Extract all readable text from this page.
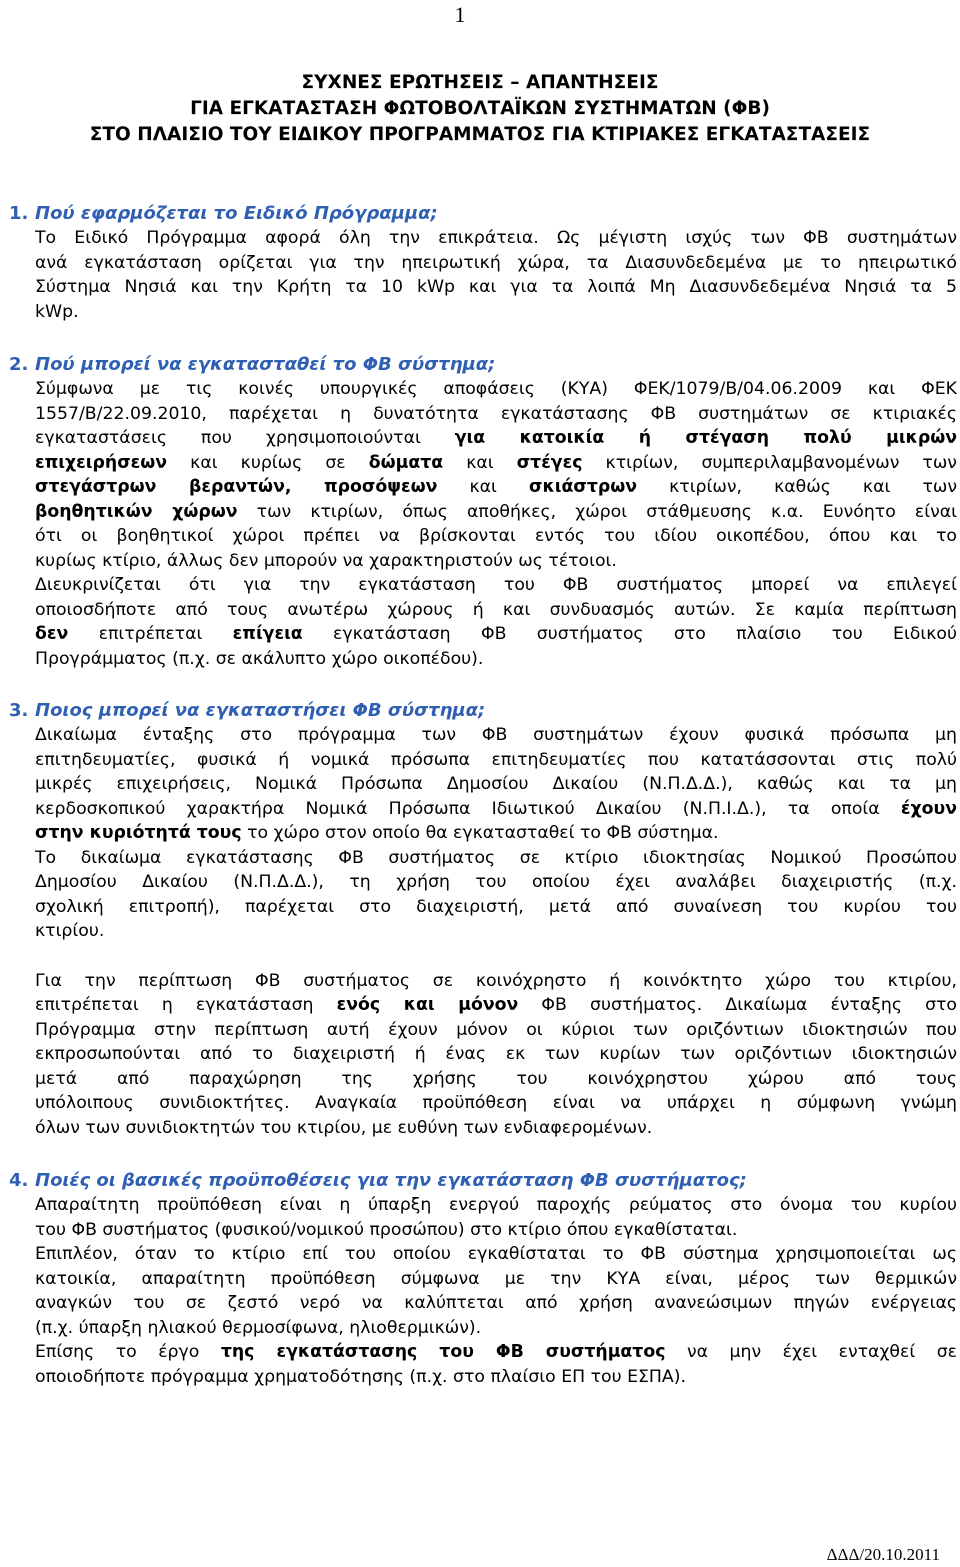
1
ΣΥΧΝΕΣ ΕΡΩΤΗΣΕΙΣ – ΑΠΑΝΤΗΣΕΙΣ
ΓΙΑ ΕΓΚΑΤΑΣΤΑΣΗ ΦΩΤΟΒΟΛΤΑΪΚΩΝ ΣΥΣΤΗΜΑΤΩΝ (ΦΒ)
ΣΤΟ ΠΛΑΙΣΙΟ ΤΟΥ ΕΙΔΙΚΟΥ ΠΡΟΓΡΑΜΜΑΤΟΣ ΓΙΑ ΚΤΙΡΙΑΚΕΣ ΕΓΚΑΤΑΣΤΑΣΕΙΣ
1. Πού εφαρμόζεται το Ειδικό Πρόγραμμα;
Το Ειδικό Πρόγραμμα αφορά όλη την επικράτεια. Ως μέγιστη ισχύς των ΦΒ συστημάτων
ανά εγκατάσταση ορίζεται για την ηπειρωτική χώρα, τα Διασυνδεδεμένα με το ηπειρωτικό
Σύστημα Νησιά και την Κρήτη τα 10 kWp και για τα λοιπά Μη Διασυνδεδεμένα Νησιά τα 5
kWp.
2. Πού μπορεί να εγκατασταθεί το ΦΒ σύστημα;
Σύμφωνα με τις κοινές υπουργικές αποφάσεις (ΚΥΑ) ΦΕΚ/1079/Β/04.06.2009 και ΦΕΚ
1557/Β/22.09.2010, παρέχεται η δυνατότητα εγκατάστασης ΦΒ συστημάτων σε κτιριακές
εγκαταστάσεις που χρησιμοποιούνται για κατοικία ή στέγαση πολύ μικρών
επιχειρήσεων και κυρίως σε δώματα και στέγες κτιρίων, συμπεριλαμβανομένων των
στεγάστρων βεραντών, προσόψεων και σκιάστρων κτιρίων, καθώς και των
βοηθητικών χώρων των κτιρίων, όπως αποθήκες, χώροι στάθμευσης κ.α. Ευνόητο είναι
ότι οι βοηθητικοί χώροι πρέπει να βρίσκονται εντός του ιδίου οικοπέδου, όπου και το
κυρίως κτίριο, άλλως δεν μπορούν να χαρακτηριστούν ως τέτοιοι.
Διευκρινίζεται ότι για την εγκατάσταση του ΦΒ συστήματος μπορεί να επιλεγεί
οποιοσδήποτε από τους ανωτέρω χώρους ή και συνδυασμός αυτών. Σε καμία περίπτωση
δεν επιτρέπεται επίγεια εγκατάσταση ΦΒ συστήματος στο πλαίσιο του Ειδικού
Προγράμματος (π.χ. σε ακάλυπτο χώρο οικοπέδου).
3. Ποιος μπορεί να εγκαταστήσει ΦΒ σύστημα;
Δικαίωμα ένταξης στο πρόγραμμα των ΦΒ συστημάτων έχουν φυσικά πρόσωπα μη
επιτηδευματίες, φυσικά ή νομικά πρόσωπα επιτηδευματίες που κατατάσσονται στις πολύ
μικρές επιχειρήσεις, Νομικά Πρόσωπα Δημοσίου Δικαίου (Ν.Π.Δ.Δ.), καθώς και τα μη
κερδοσκοπικού χαρακτήρα Νομικά Πρόσωπα Ιδιωτικού Δικαίου (Ν.Π.Ι.Δ.), τα οποία έχουν
στην κυριότητά τους το χώρο στον οποίο θα εγκατασταθεί το ΦΒ σύστημα.
Το δικαίωμα εγκατάστασης ΦΒ συστήματος σε κτίριο ιδιοκτησίας Νομικού Προσώπου
Δημοσίου Δικαίου (Ν.Π.Δ.Δ.), τη χρήση του οποίου έχει αναλάβει διαχειριστής (π.χ.
σχολική επιτροπή), παρέχεται στο διαχειριστή, μετά από συναίνεση του κυρίου του
κτιρίου.
Για την περίπτωση ΦΒ συστήματος σε κοινόχρηστο ή κοινόκτητο χώρο του κτιρίου,
επιτρέπεται η εγκατάσταση ενός και μόνον ΦΒ συστήματος. Δικαίωμα ένταξης στο
Πρόγραμμα στην περίπτωση αυτή έχουν μόνον οι κύριοι των οριζόντιων ιδιοκτησιών που
εκπροσωπούνται από το διαχειριστή ή ένας εκ των κυρίων των οριζόντιων ιδιοκτησιών
μετά από παραχώρηση της χρήσης του κοινόχρηστου χώρου από τους
υπόλοιπους συνιδιοκτήτες. Αναγκαία προϋπόθεση είναι να υπάρχει η σύμφωνη γνώμη
όλων των συνιδιοκτητών του κτιρίου, με ευθύνη των ενδιαφερομένων.
4. Ποιές οι βασικές προϋποθέσεις για την εγκατάσταση ΦΒ συστήματος;
Απαραίτητη προϋπόθεση είναι η ύπαρξη ενεργού παροχής ρεύματος στο όνομα του κυρίου
του ΦΒ συστήματος (φυσικού/νομικού προσώπου) στο κτίριο όπου εγκαθίσταται.
Επιπλέον, όταν το κτίριο επί του οποίου εγκαθίσταται το ΦΒ σύστημα χρησιμοποιείται ως
κατοικία, απαραίτητη προϋπόθεση σύμφωνα με την ΚΥΑ είναι, μέρος των θερμικών
αναγκών του σε ζεστό νερό να καλύπτεται από χρήση ανανεώσιμων πηγών ενέργειας
(π.χ. ύπαρξη ηλιακού θερμοσίφωνα, ηλιοθερμικών).
Επίσης το έργο της εγκατάστασης του ΦΒ συστήματος να μην έχει ενταχθεί σε
οποιοδήποτε πρόγραμμα χρηματοδότησης (π.χ. στο πλαίσιο ΕΠ του ΕΣΠΑ).
ΔΔΔ/20.10.2011
